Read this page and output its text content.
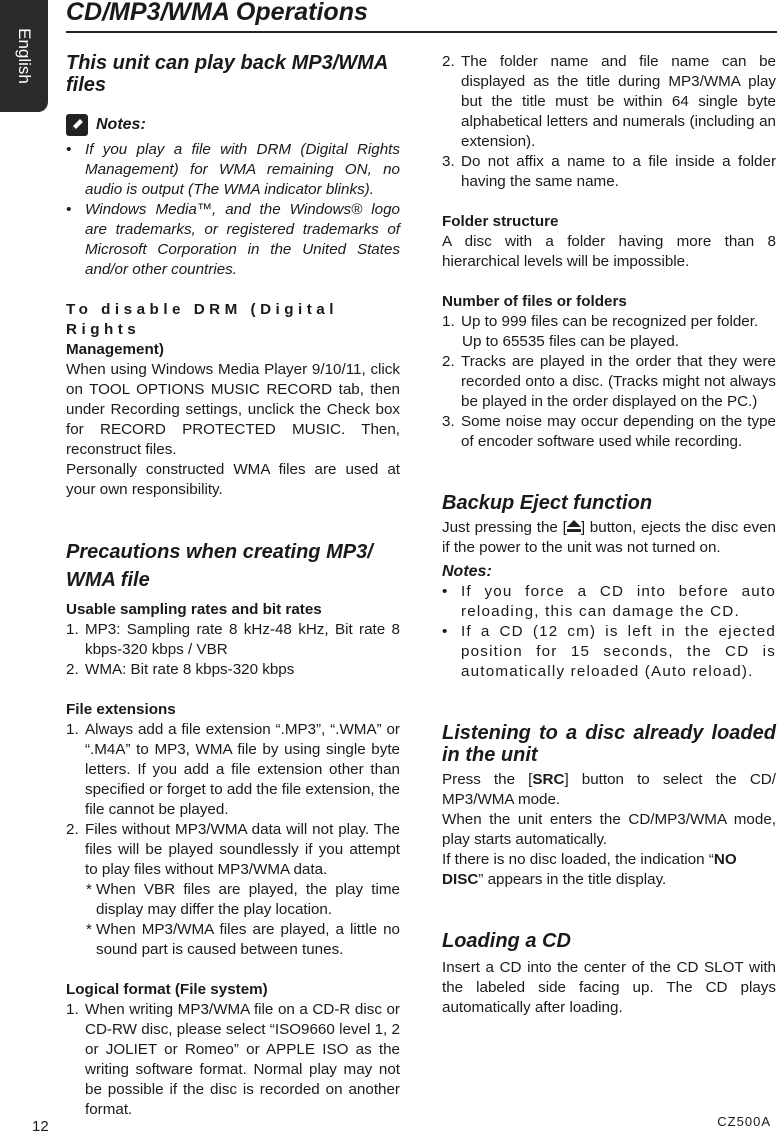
English
CD/MP3/WMA Operations
This unit can play back MP3/WMA files
Notes:
• If you play a file with DRM (Digital Rights Management) for WMA remaining ON, no audio is output (The WMA indicator blinks).
• Windows Media™, and the Windows® logo are trademarks, or registered trademarks of Microsoft Corporation in the United States and/or other countries.
To disable DRM (Digital Rights
Management)
When using Windows Media Player 9/10/11, click on TOOL OPTIONS MUSIC RECORD tab, then under Recording settings, unclick the Check box for RECORD PROTECTED MUSIC. Then, reconstruct files.
Personally constructed WMA files are used at your own responsibility.
Precautions when creating MP3/ WMA file
Usable sampling rates and bit rates
1. MP3: Sampling rate 8 kHz-48 kHz, Bit rate 8 kbps-320 kbps / VBR
2. WMA: Bit rate 8 kbps-320 kbps
File extensions
1. Always add a file extension “.MP3”, “.WMA” or “.M4A” to MP3, WMA file by using single byte letters. If you add a file extension other than specified or forget to add the file extension, the file cannot be played.
2. Files without MP3/WMA data will not play. The files will be played soundlessly if you attempt to play files without MP3/WMA data.
* When VBR files are played, the play time display may differ the play location.
* When MP3/WMA files are played, a little no sound part is caused between tunes.
Logical format (File system)
1. When writing MP3/WMA file on a CD-R disc or CD-RW disc, please select “ISO9660 level 1, 2 or JOLIET or Romeo” or APPLE ISO as the writing software format. Normal play may not be possible if the disc is recorded on another format.
2. The folder name and file name can be displayed as the title during MP3/WMA play but the title must be within 64 single byte alphabetical letters and numerals (including an extension).
3. Do not affix a name to a file inside a folder having the same name.
Folder structure
A disc with a folder having more than 8 hierarchical levels will be impossible.
Number of files or folders
1. Up to 999 files can be recognized per folder.
Up to 65535 files can be played.
2. Tracks are played in the order that they were recorded onto a disc. (Tracks might not always be played in the order displayed on the PC.)
3. Some noise may occur depending on the type of encoder software used while recording.
Backup Eject function
Just pressing the [ ] button, ejects the disc even if the power to the unit was not turned on.
Notes:
• If you force a CD into before auto reloading, this can damage the CD.
• If a CD (12 cm) is left in the ejected position for 15 seconds, the CD is automatically reloaded (Auto reload).
Listening to a disc already loaded in the unit
Press the [SRC] button to select the CD/ MP3/WMA mode.
When the unit enters the CD/MP3/WMA mode, play starts automatically.
If there is no disc loaded, the indication “NO DISC” appears in the title display.
Loading a CD
Insert a CD into the center of the CD SLOT with the labeled side facing up. The CD plays automatically after loading.
12	CZ500A
